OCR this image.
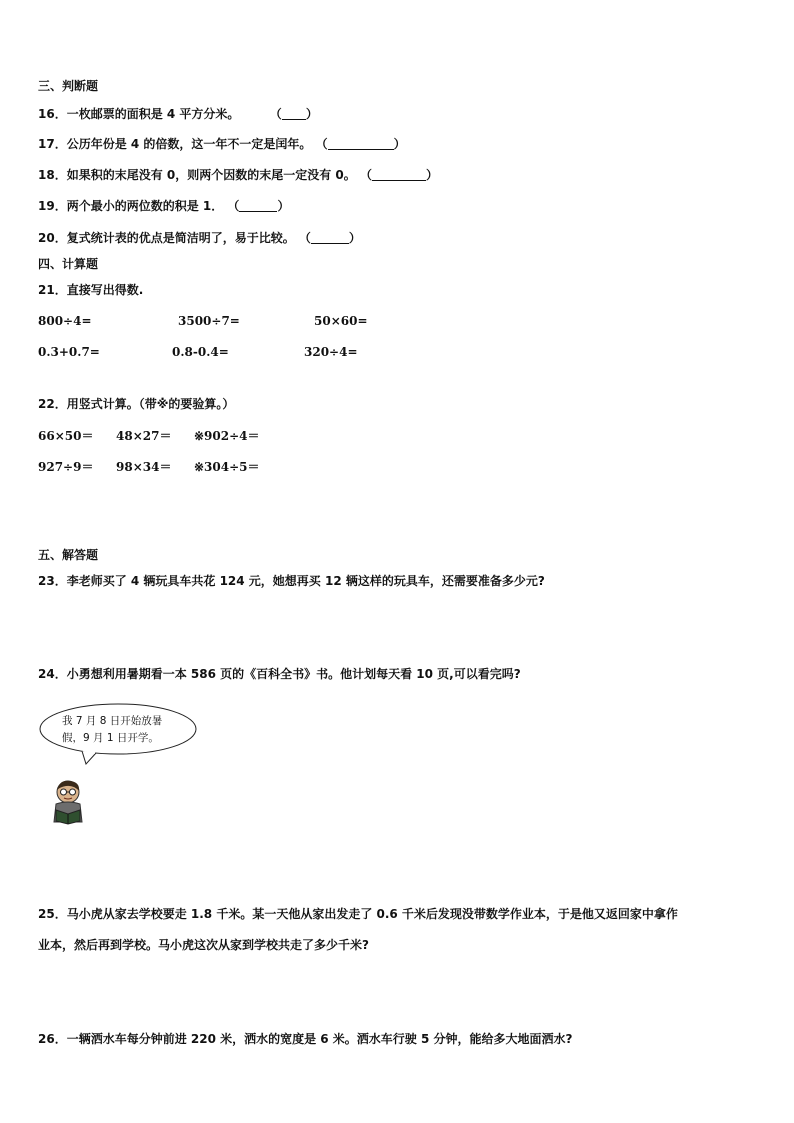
三、判断题
16．一枚邮票的面积是 4 平方分米。	（ ）
17．公历年份是 4 的倍数，这一年不一定是闰年。 （	）
18．如果积的末尾没有 0，则两个因数的末尾一定没有 0。 （	）
19．两个最小的两位数的积是 1． （	）
20．复式统计表的优点是简洁明了，易于比较。 （	）
四、计算题
21．直接写出得数.
800÷4=	3500÷7=	50×60=
0.3+0.7=	0.8-0.4=	320÷4=
22．用竖式计算。（带※的要验算。）
66×50＝ 48×27＝ ※902÷4＝
927÷9＝ 98×34＝ ※304÷5＝
五、解答题
23．李老师买了 4 辆玩具车共花 124 元，她想再买 12 辆这样的玩具车，还需要准备多少元?
24．小勇想利用暑期看一本 586 页的《百科全书》书。他计划每天看 10 页,可以看完吗?
我 7 月 8 日开始放暑假，9 月 1 日开学。
25．马小虎从家去学校要走 1.8 千米。某一天他从家出发走了 0.6 千米后发现没带数学作业本，于是他又返回家中拿作
业本，然后再到学校。马小虎这次从家到学校共走了多少千米?
26．一辆洒水车每分钟前进 220 米，洒水的宽度是 6 米。洒水车行驶 5 分钟，能给多大地面洒水?
